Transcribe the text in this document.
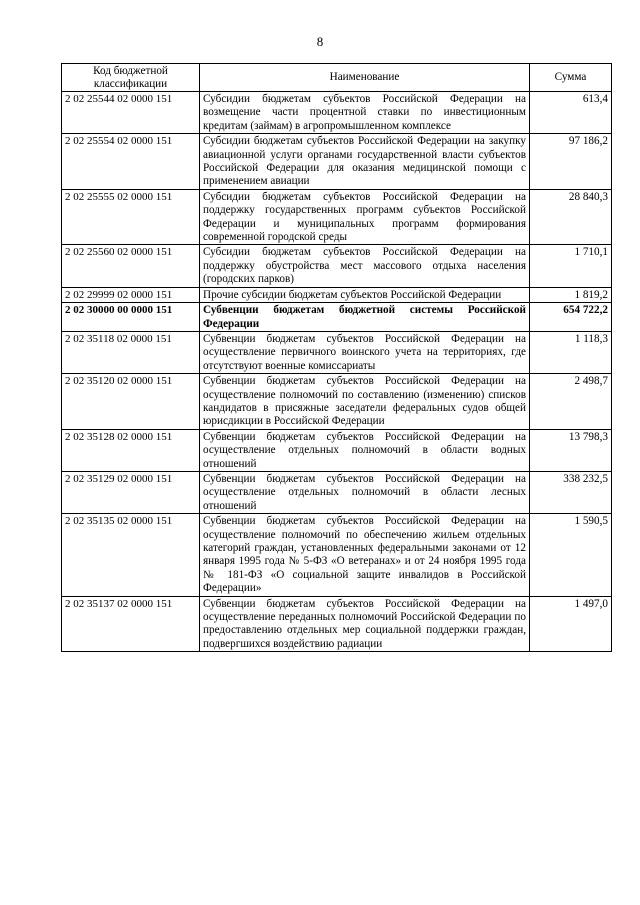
8
Код бюджетной классификации	Наименование	Сумма
2 02 25544 02 0000 151	Субсидии бюджетам субъектов Российской Федерации на возмещение части процентной ставки по инвестиционным кредитам (займам) в агропромышленном комплексе	613,4
2 02 25554 02 0000 151	Субсидии бюджетам субъектов Российской Федерации на закупку авиационной услуги органами государственной власти субъектов Российской Федерации для оказания медицинской помощи с применением авиации	97 186,2
2 02 25555 02 0000 151	Субсидии бюджетам субъектов Российской Федерации на поддержку государственных программ субъектов Российской Федерации и муниципальных программ формирования современной городской среды	28 840,3
2 02 25560 02 0000 151	Субсидии бюджетам субъектов Российской Федерации на поддержку обустройства мест массового отдыха населения (городских парков)	1 710,1
2 02 29999 02 0000 151	Прочие субсидии бюджетам субъектов Российской Федерации	1 819,2
2 02 30000 00 0000 151	Субвенции бюджетам бюджетной системы Российской Федерации	654 722,2
2 02 35118 02 0000 151	Субвенции бюджетам субъектов Российской Федерации на осуществление первичного воинского учета на территориях, где отсутствуют военные комиссариаты	1 118,3
2 02 35120 02 0000 151	Субвенции бюджетам субъектов Российской Федерации на осуществление полномочий по составлению (изменению) списков кандидатов в присяжные заседатели федеральных судов общей юрисдикции в Российской Федерации	2 498,7
2 02 35128 02 0000 151	Субвенции бюджетам субъектов Российской Федерации на осуществление отдельных полномочий в области водных отношений	13 798,3
2 02 35129 02 0000 151	Субвенции бюджетам субъектов Российской Федерации на осуществление отдельных полномочий в области лесных отношений	338 232,5
2 02 35135 02 0000 151	Субвенции бюджетам субъектов Российской Федерации на осуществление полномочий по обеспечению жильем отдельных категорий граждан, установленных федеральными законами от 12 января 1995 года № 5-ФЗ «О ветеранах» и от 24 ноября 1995 года № 181-ФЗ «О социальной защите инвалидов в Российской Федерации»	1 590,5
2 02 35137 02 0000 151	Субвенции бюджетам субъектов Российской Федерации на осуществление переданных полномочий Российской Федерации по предоставлению отдельных мер социальной поддержки граждан, подвергшихся воздействию радиации	1 497,0
